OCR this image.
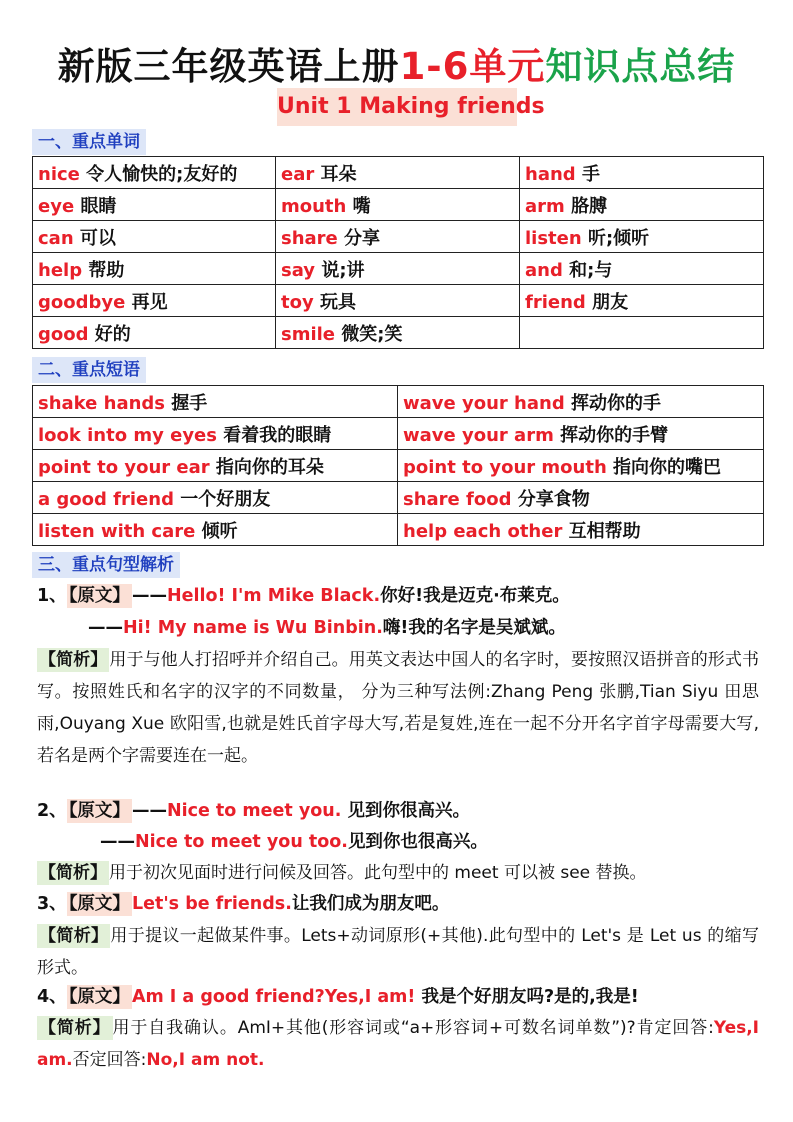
新版三年级英语上册1-6单元知识点总结
Unit 1 Making friends
一、重点单词
nice 令人愉快的;友好的	ear 耳朵	hand 手
eye 眼睛	mouth 嘴	arm 胳膊
can 可以	share 分享	listen 听;倾听
help 帮助	say 说;讲	and 和;与
goodbye 再见	toy 玩具	friend 朋友
good 好的	smile 微笑;笑	
二、重点短语
shake hands 握手	wave your hand 挥动你的手
look into my eyes 看着我的眼睛	wave your arm 挥动你的手臂
point to your ear 指向你的耳朵	point to your mouth 指向你的嘴巴
a good friend 一个好朋友	share food 分享食物
listen with care 倾听	help each other 互相帮助
三、重点句型解析
1、 【原文】 ——Hello! I'm Mike Black.你好!我是迈克·布莱克。
——Hi! My name is Wu Binbin.嗨!我的名字是吴斌斌。
【简析】 用于与他人打招呼并介绍自己。用英文表达中国人的名字时，要按照汉语拼音的形式书写。按照姓氏和名字的汉字的不同数量， 分为三种写法例:Zhang Peng 张鹏,Tian Siyu 田思雨,Ouyang Xue 欧阳雪,也就是姓氏首字母大写,若是复姓,连在一起不分开名字首字母需要大写,若名是两个字需要连在一起。
2、 【原文】 ——Nice to meet you. 见到你很高兴。
——Nice to meet you too.见到你也很高兴。
【简析】 用于初次见面时进行问候及回答。此句型中的 meet 可以被 see 替换。
3、 【原文】 Let's be friends.让我们成为朋友吧。
【简析】 用于提议一起做某件事。Lets+动词原形(+其他).此句型中的 Let's 是 Let us 的缩写形式。
4、 【原文】 Am I a good friend?Yes,I am! 我是个好朋友吗?是的,我是!
【简析】 用于自我确认。AmI+其他(形容词或“a+形容词+可数名词单数”)?肯定回答:Yes,I am.否定回答:No,I am not.
